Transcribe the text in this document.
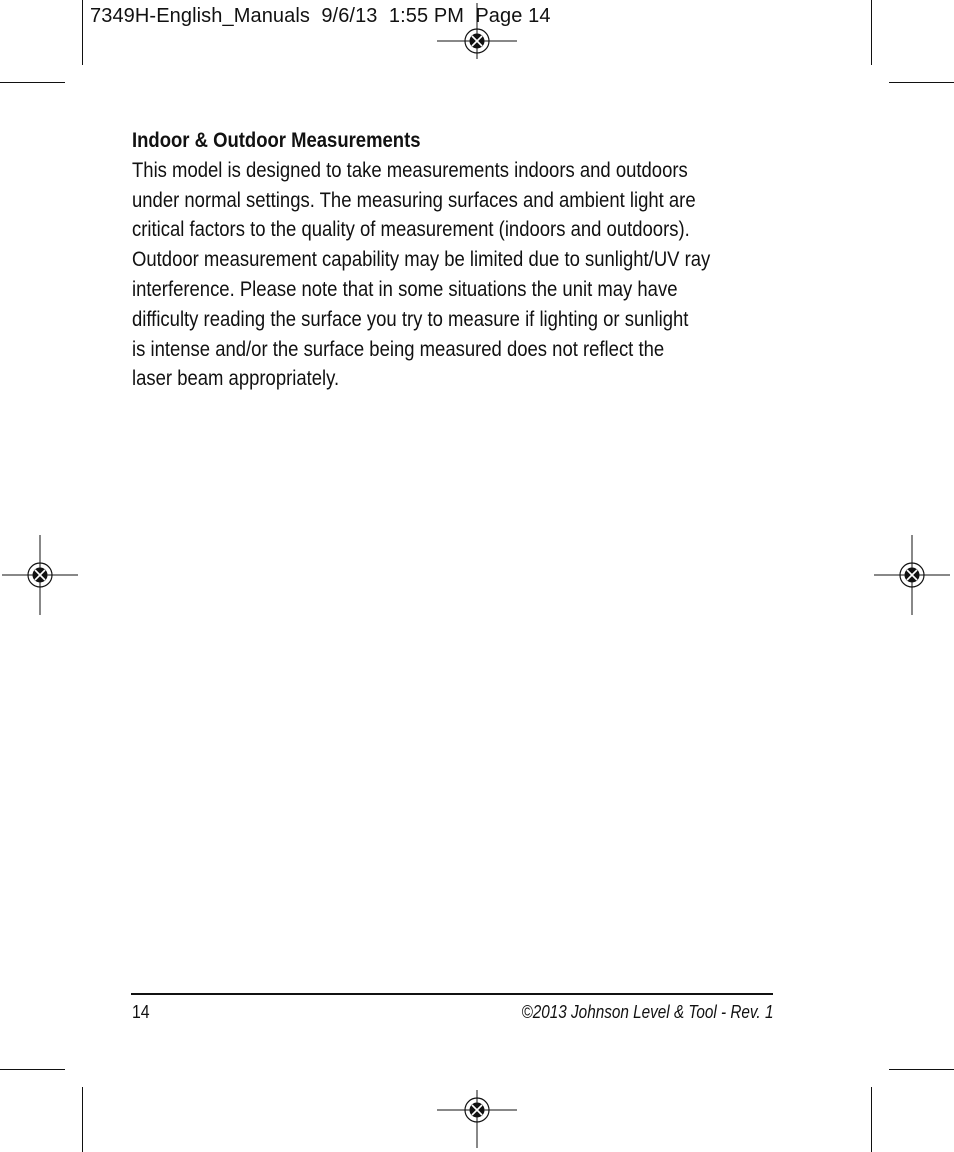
7349H-English_Manuals  9/6/13  1:55 PM  Page 14
Indoor & Outdoor Measurements

This model is designed to take measurements indoors and outdoors
under normal settings. The measuring surfaces and ambient light are
critical factors to the quality of measurement (indoors and outdoors).
Outdoor measurement capability may be limited due to sunlight/UV ray
interference. Please note that in some situations the unit may have
difficulty reading the surface you try to measure if lighting or sunlight
is intense and/or the surface being measured does not reflect the
laser beam appropriately.

14	©2013 Johnson Level & Tool - Rev. 1
